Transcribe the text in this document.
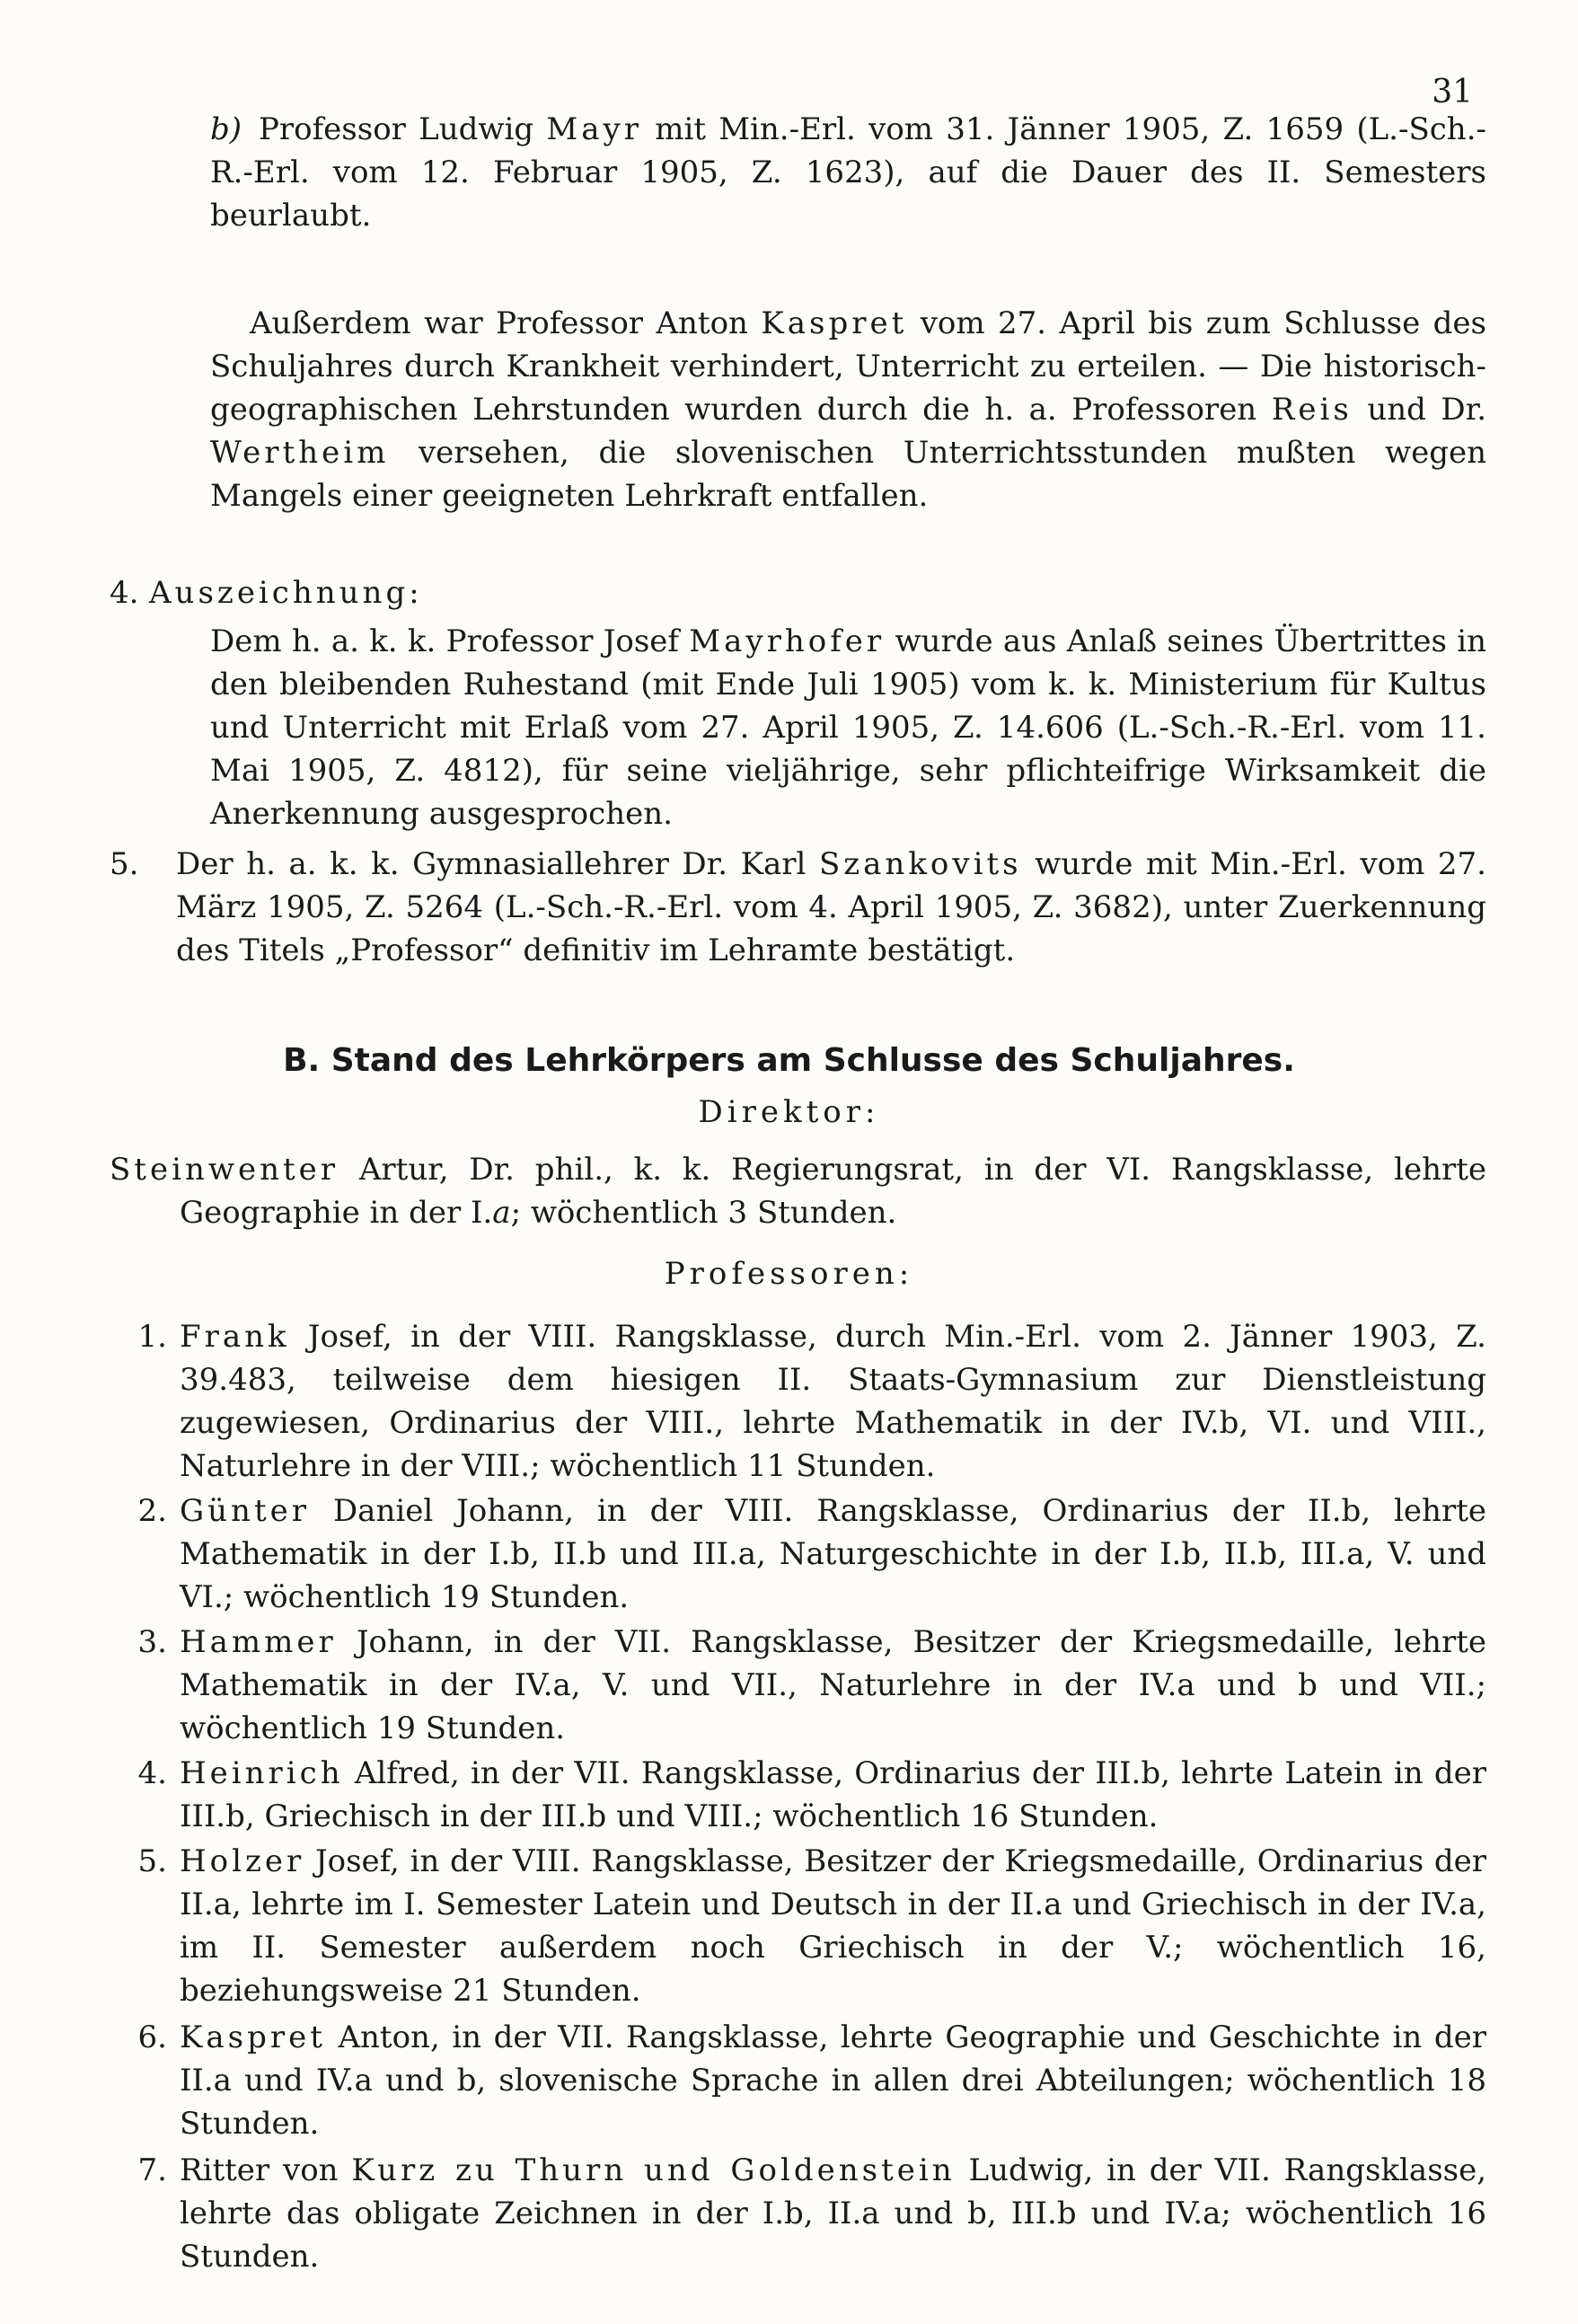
31
b) Professor Ludwig Mayr mit Min.-Erl. vom 31. Jänner 1905, Z. 1659 (L.-Sch.-R.-Erl. vom 12. Februar 1905, Z. 1623), auf die Dauer des II. Semesters beurlaubt.
Außerdem war Professor Anton Kaspret vom 27. April bis zum Schlusse des Schuljahres durch Krankheit verhindert, Unterricht zu erteilen. — Die historisch-geographischen Lehrstunden wurden durch die h. a. Professoren Reis und Dr. Wertheim versehen, die slovenischen Unterrichtsstunden mußten wegen Mangels einer geeigneten Lehrkraft entfallen.
4. Auszeichnung:
Dem h. a. k. k. Professor Josef Mayrhofer wurde aus Anlaß seines Übertrittes in den bleibenden Ruhestand (mit Ende Juli 1905) vom k. k. Ministerium für Kultus und Unterricht mit Erlaß vom 27. April 1905, Z. 14.606 (L.-Sch.-R.-Erl. vom 11. Mai 1905, Z. 4812), für seine vieljährige, sehr pflichteifrige Wirksamkeit die Anerkennung ausgesprochen.
5. Der h. a. k. k. Gymnasiallehrer Dr. Karl Szankovits wurde mit Min.-Erl. vom 27. März 1905, Z. 5264 (L.-Sch.-R.-Erl. vom 4. April 1905, Z. 3682), unter Zuerkennung des Titels „Professor“ definitiv im Lehramte bestätigt.
B. Stand des Lehrkörpers am Schlusse des Schuljahres.
Direktor:
Steinwenter Artur, Dr. phil., k. k. Regierungsrat, in der VI. Rangsklasse, lehrte Geographie in der I.a; wöchentlich 3 Stunden.
Professoren:
1. Frank Josef, in der VIII. Rangsklasse, durch Min.-Erl. vom 2. Jänner 1903, Z. 39.483, teilweise dem hiesigen II. Staats-Gymnasium zur Dienstleistung zugewiesen, Ordinarius der VIII., lehrte Mathematik in der IV.b, VI. und VIII., Naturlehre in der VIII.; wöchentlich 11 Stunden.
2. Günter Daniel Johann, in der VIII. Rangsklasse, Ordinarius der II.b, lehrte Mathematik in der I.b, II.b und III.a, Naturgeschichte in der I.b, II.b, III.a, V. und VI.; wöchentlich 19 Stunden.
3. Hammer Johann, in der VII. Rangsklasse, Besitzer der Kriegsmedaille, lehrte Mathematik in der IV.a, V. und VII., Naturlehre in der IV.a und b und VII.; wöchentlich 19 Stunden.
4. Heinrich Alfred, in der VII. Rangsklasse, Ordinarius der III.b, lehrte Latein in der III.b, Griechisch in der III.b und VIII.; wöchentlich 16 Stunden.
5. Holzer Josef, in der VIII. Rangsklasse, Besitzer der Kriegsmedaille, Ordinarius der II.a, lehrte im I. Semester Latein und Deutsch in der II.a und Griechisch in der IV.a, im II. Semester außerdem noch Griechisch in der V.; wöchentlich 16, beziehungsweise 21 Stunden.
6. Kaspret Anton, in der VII. Rangsklasse, lehrte Geographie und Geschichte in der II.a und IV.a und b, slovenische Sprache in allen drei Abteilungen; wöchentlich 18 Stunden.
7. Ritter von Kurz zu Thurn und Goldenstein Ludwig, in der VII. Rangsklasse, lehrte das obligate Zeichnen in der I.b, II.a und b, III.b und IV.a; wöchentlich 16 Stunden.
